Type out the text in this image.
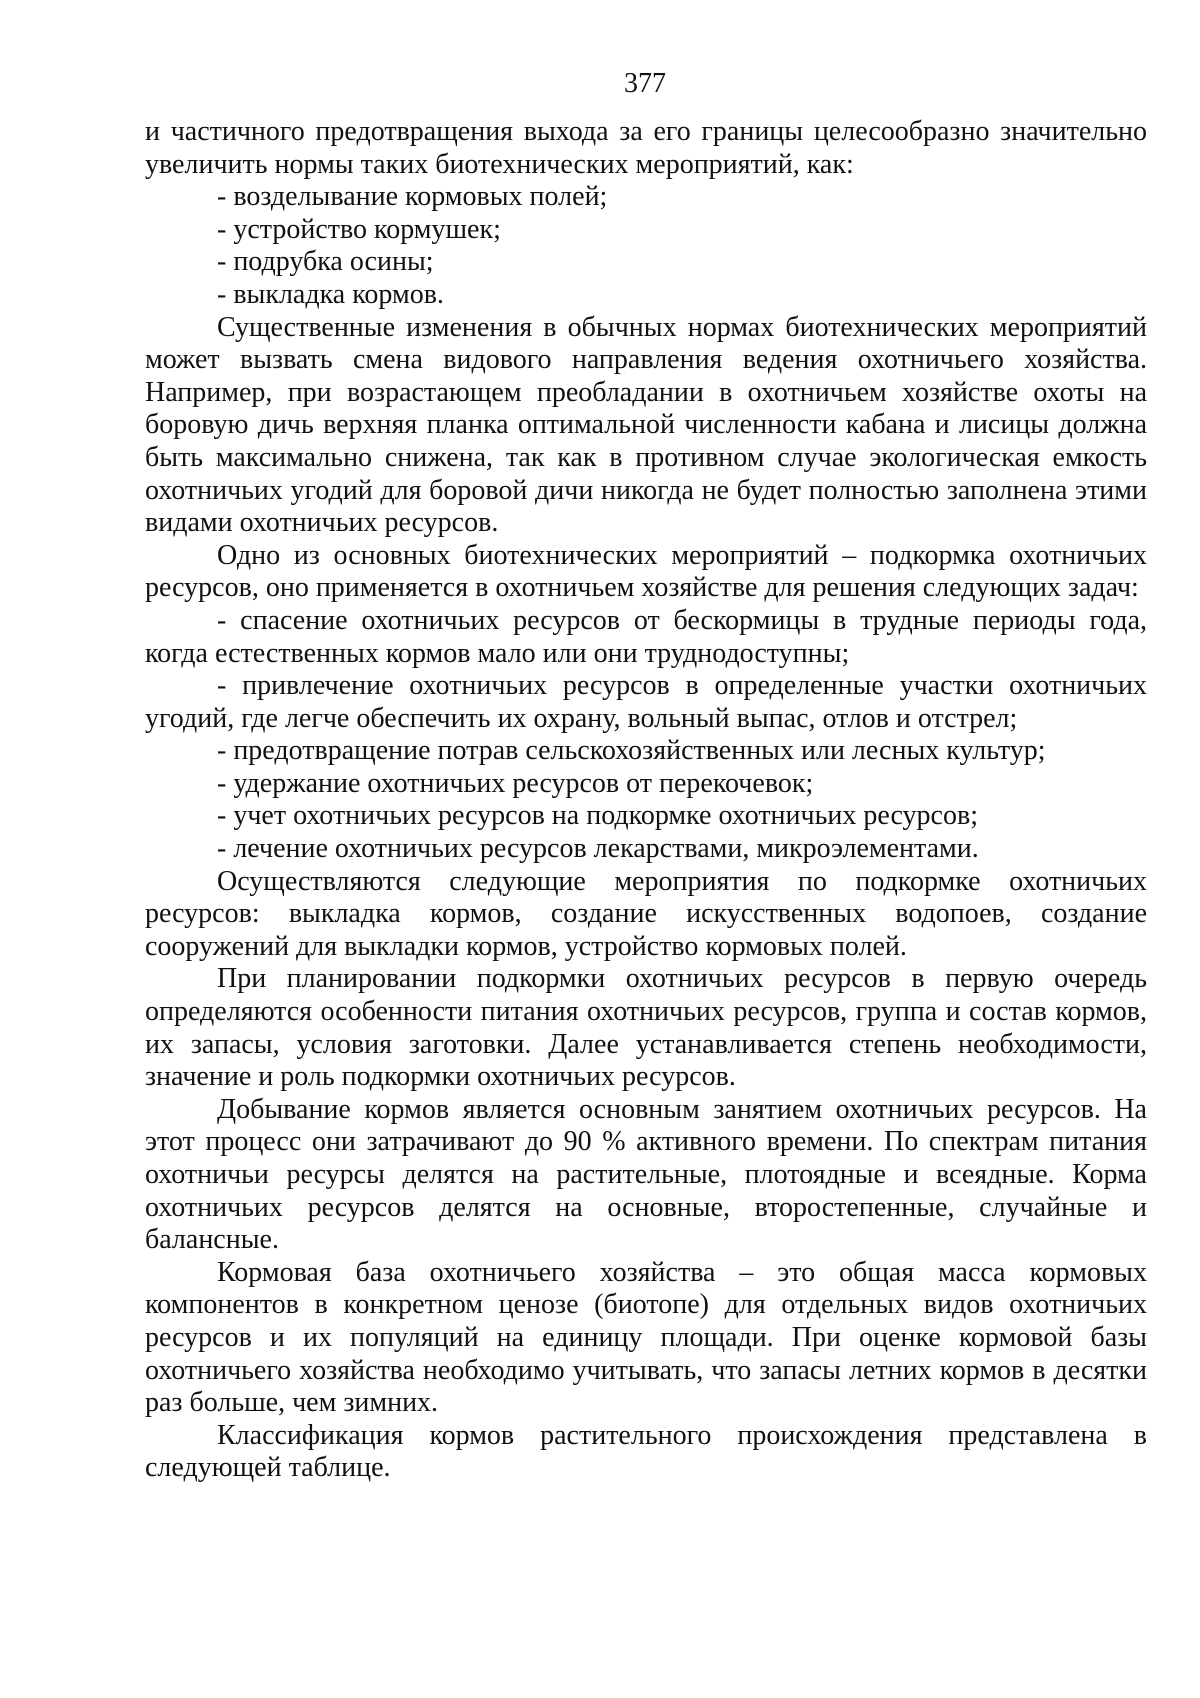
377

и частичного предотвращения выхода за его границы целесообразно значительно увеличить нормы таких биотехнических мероприятий, как:

- возделывание кормовых полей;

- устройство кормушек;

- подрубка осины;

- выкладка кормов.

Существенные изменения в обычных нормах биотехнических мероприятий может вызвать смена видового направления ведения охотничьего хозяйства. Например, при возрастающем преобладании в охотничьем хозяйстве охоты на боровую дичь верхняя планка оптимальной численности кабана и лисицы должна быть максимально снижена, так как в противном случае экологическая емкость охотничьих угодий для боровой дичи никогда не будет полностью заполнена этими видами охотничьих ресурсов.

Одно из основных биотехнических мероприятий – подкормка охотничьих ресурсов, оно применяется в охотничьем хозяйстве для решения следующих задач:

- спасение охотничьих ресурсов от бескормицы в трудные периоды года, когда естественных кормов мало или они труднодоступны;

- привлечение охотничьих ресурсов в определенные участки охотничьих угодий, где легче обеспечить их охрану, вольный выпас, отлов и отстрел;

- предотвращение потрав сельскохозяйственных или лесных культур;

- удержание охотничьих ресурсов от перекочевок;

- учет охотничьих ресурсов на подкормке охотничьих ресурсов;

- лечение охотничьих ресурсов лекарствами, микроэлементами.

Осуществляются следующие мероприятия по подкормке охотничьих ресурсов: выкладка кормов, создание искусственных водопоев, создание сооружений для выкладки кормов, устройство кормовых полей.

При планировании подкормки охотничьих ресурсов в первую очередь определяются особенности питания охотничьих ресурсов, группа и состав кормов, их запасы, условия заготовки. Далее устанавливается степень необходимости, значение и роль подкормки охотничьих ресурсов.

Добывание кормов является основным занятием охотничьих ресурсов. На этот процесс они затрачивают до 90 % активного времени. По спектрам питания охотничьи ресурсы делятся на растительные, плотоядные и всеядные. Корма охотничьих ресурсов делятся на основные, второстепенные, случайные и балансные.

Кормовая база охотничьего хозяйства – это общая масса кормовых компонентов в конкретном ценозе (биотопе) для отдельных видов охотничьих ресурсов и их популяций на единицу площади. При оценке кормовой базы охотничьего хозяйства необходимо учитывать, что запасы летних кормов в десятки раз больше, чем зимних.

Классификация кормов растительного происхождения представлена в следующей таблице.
